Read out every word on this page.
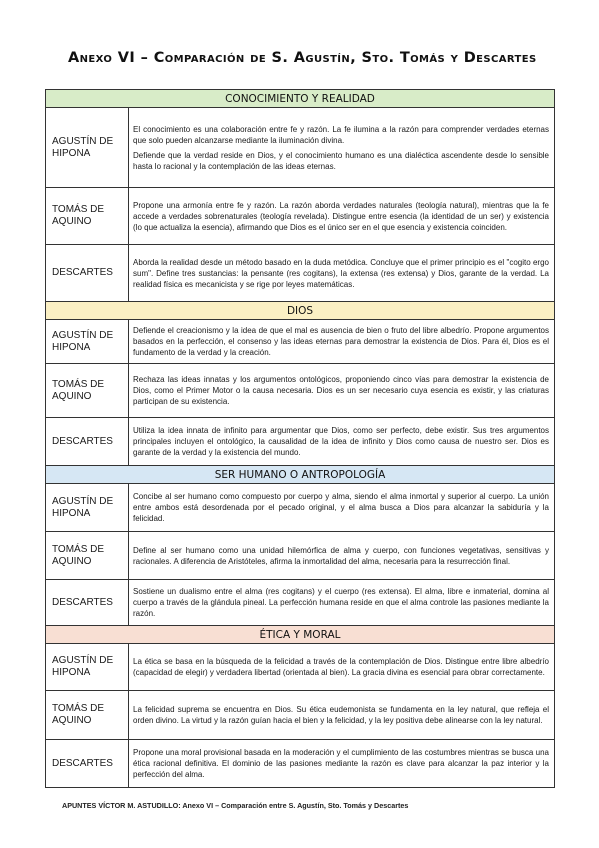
Anexo VI – Comparación de S. Agustín, Sto. Tomás y Descartes
CONOCIMIENTO Y REALIDAD	
AGUSTÍN DE HIPONA	El conocimiento es una colaboración entre fe y razón. La fe ilumina a la razón para comprender verdades eternas que solo pueden alcanzarse mediante la iluminación divina.

Defiende que la verdad reside en Dios, y el conocimiento humano es una dialéctica ascendente desde lo sensible hasta lo racional y la contemplación de las ideas eternas.

TOMÁS DE AQUINO	Propone una armonía entre fe y razón. La razón aborda verdades naturales (teología natural), mientras que la fe accede a verdades sobrenaturales (teología revelada). Distingue entre esencia (la identidad de un ser) y existencia (lo que actualiza la esencia), afirmando que Dios es el único ser en el que esencia y existencia coinciden.

DESCARTES	Aborda la realidad desde un método basado en la duda metódica. Concluye que el primer principio es el "cogito ergo sum". Define tres sustancias: la pensante (res cogitans), la extensa (res extensa) y Dios, garante de la verdad. La realidad física es mecanicista y se rige por leyes matemáticas.

DIOS	
AGUSTÍN DE HIPONA	Defiende el creacionismo y la idea de que el mal es ausencia de bien o fruto del libre albedrío. Propone argumentos basados en la perfección, el consenso y las ideas eternas para demostrar la existencia de Dios. Para él, Dios es el fundamento de la verdad y la creación.

TOMÁS DE AQUINO	Rechaza las ideas innatas y los argumentos ontológicos, proponiendo cinco vías para demostrar la existencia de Dios, como el Primer Motor o la causa necesaria. Dios es un ser necesario cuya esencia es existir, y las criaturas participan de su existencia.

DESCARTES	Utiliza la idea innata de infinito para argumentar que Dios, como ser perfecto, debe existir. Sus tres argumentos principales incluyen el ontológico, la causalidad de la idea de infinito y Dios como causa de nuestro ser. Dios es garante de la verdad y la existencia del mundo.

SER HUMANO O ANTROPOLOGÍA	
AGUSTÍN DE HIPONA	Concibe al ser humano como compuesto por cuerpo y alma, siendo el alma inmortal y superior al cuerpo. La unión entre ambos está desordenada por el pecado original, y el alma busca a Dios para alcanzar la sabiduría y la felicidad.

TOMÁS DE AQUINO	Define al ser humano como una unidad hilemórfica de alma y cuerpo, con funciones vegetativas, sensitivas y racionales. A diferencia de Aristóteles, afirma la inmortalidad del alma, necesaria para la resurrección final.

DESCARTES	Sostiene un dualismo entre el alma (res cogitans) y el cuerpo (res extensa). El alma, libre e inmaterial, domina al cuerpo a través de la glándula pineal. La perfección humana reside en que el alma controle las pasiones mediante la razón.

ÉTICA Y MORAL	
AGUSTÍN DE HIPONA	La ética se basa en la búsqueda de la felicidad a través de la contemplación de Dios. Distingue entre libre albedrío (capacidad de elegir) y verdadera libertad (orientada al bien). La gracia divina es esencial para obrar correctamente.

TOMÁS DE AQUINO	La felicidad suprema se encuentra en Dios. Su ética eudemonista se fundamenta en la ley natural, que refleja el orden divino. La virtud y la razón guían hacia el bien y la felicidad, y la ley positiva debe alinearse con la ley natural.

DESCARTES	Propone una moral provisional basada en la moderación y el cumplimiento de las costumbres mientras se busca una ética racional definitiva. El dominio de las pasiones mediante la razón es clave para alcanzar la paz interior y la perfección del alma.

APUNTES VÍCTOR M. ASTUDILLO: Anexo VI – Comparación entre S. Agustín, Sto. Tomás y Descartes
